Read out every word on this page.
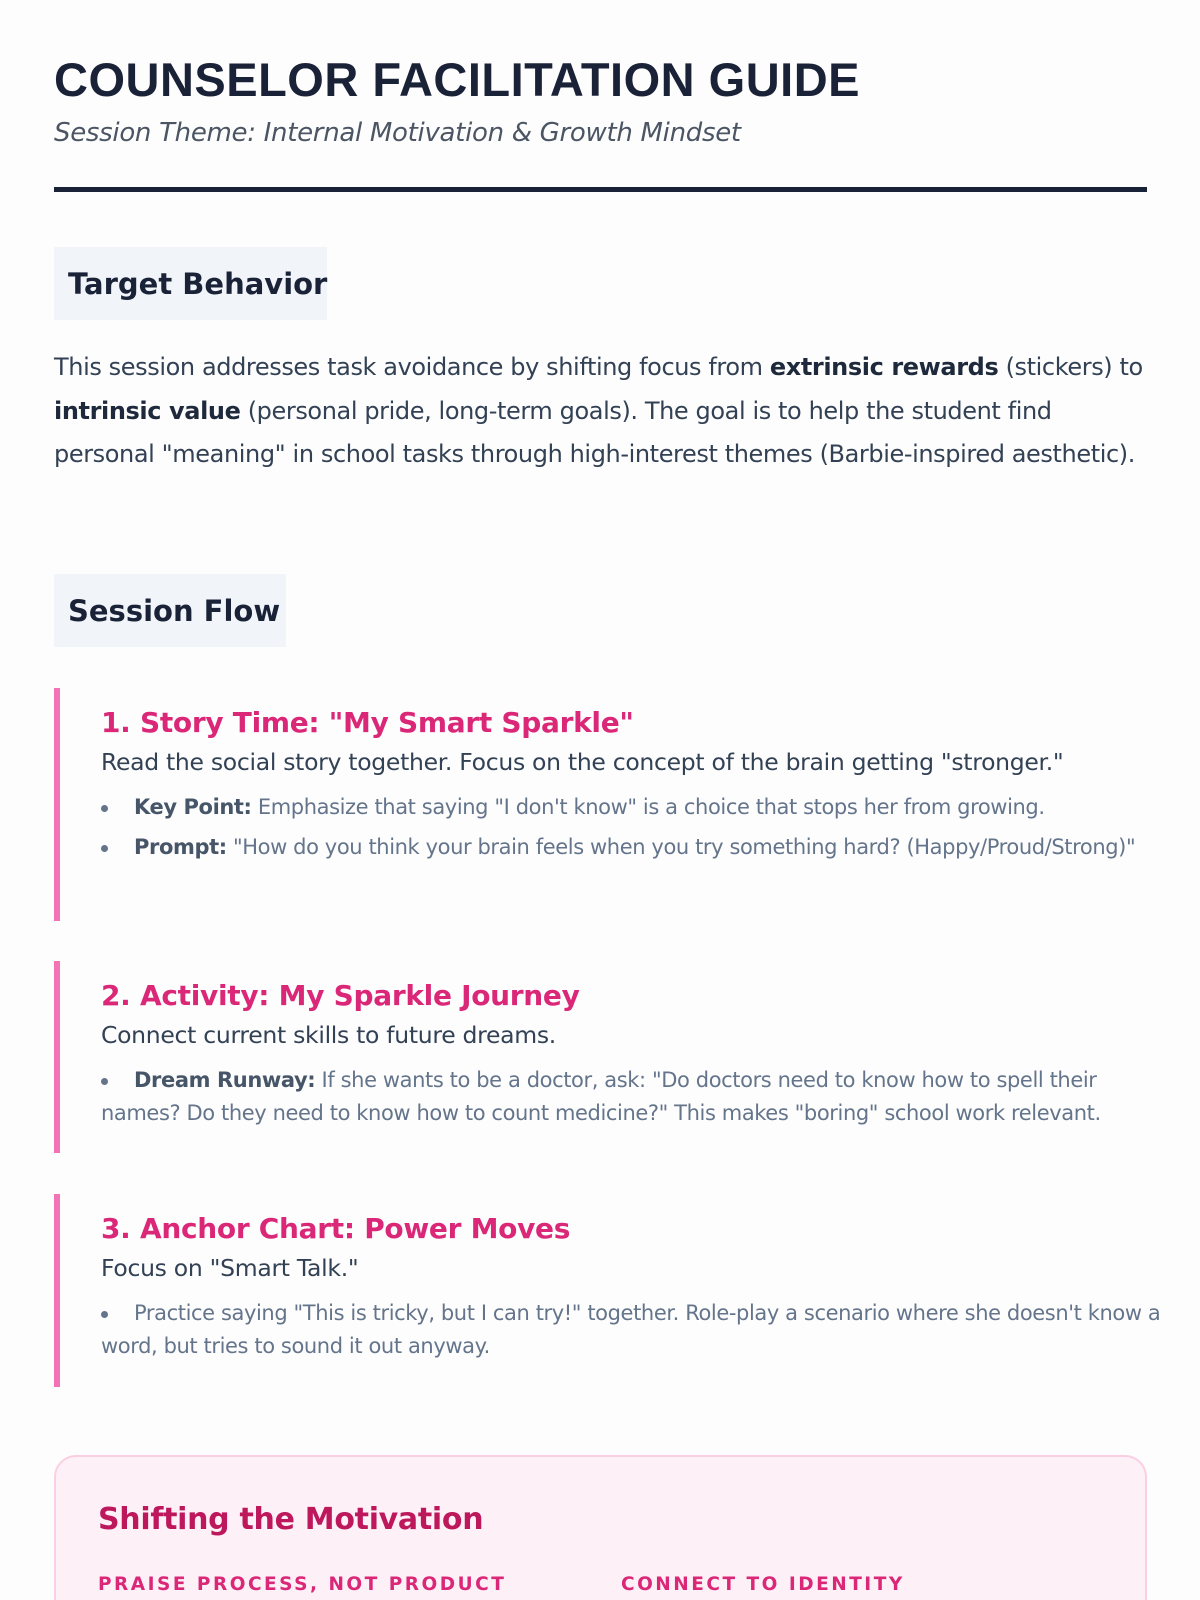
COUNSELOR FACILITATION GUIDE
Session Theme: Internal Motivation & Growth Mindset
Target Behavior

This session addresses task avoidance by shifting focus from extrinsic rewards (stickers) to intrinsic value (personal pride, long-term goals). The goal is to help the student find personal "meaning" in school tasks through high-interest themes (Barbie-inspired aesthetic).

Session Flow
1. Story Time: "My Smart Sparkle"

Read the social story together. Focus on the concept of the brain getting "stronger."

Key Point: Emphasize that saying "I don't know" is a choice that stops her from growing.
Prompt: "How do you think your brain feels when you try something hard? (Happy/Proud/Strong)"
2. Activity: My Sparkle Journey

Connect current skills to future dreams.

Dream Runway: If she wants to be a doctor, ask: "Do doctors need to know how to spell their names? Do they need to know how to count medicine?" This makes "boring" school work relevant.
3. Anchor Chart: Power Moves

Focus on "Smart Talk."

Practice saying "This is tricky, but I can try!" together. Role-play a scenario where she doesn't know a word, but tries to sound it out anyway.
Shifting the Motivation
PRAISE PROCESS, NOT PRODUCT	CONNECT TO IDENTITY
